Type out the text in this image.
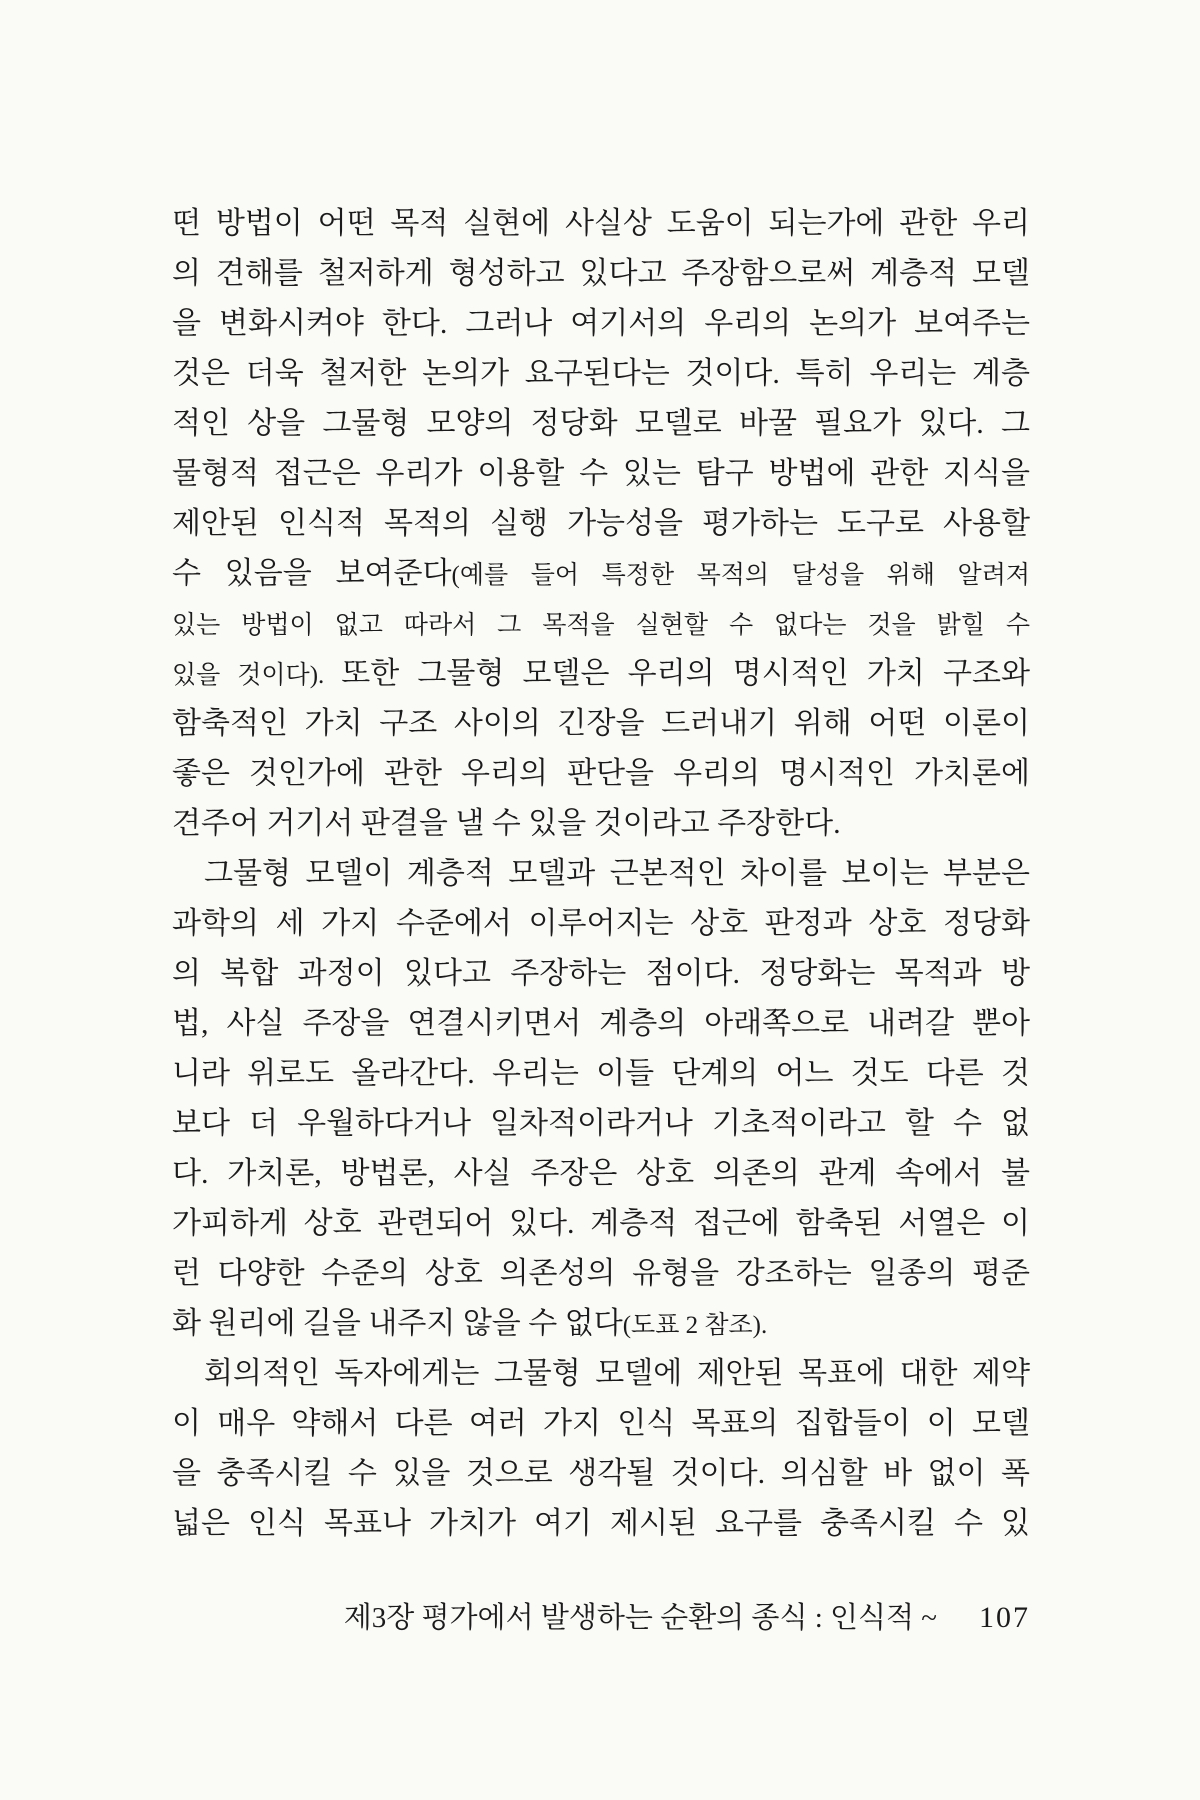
떤 방법이 어떤 목적 실현에 사실상 도움이 되는가에 관한 우리
의 견해를 철저하게 형성하고 있다고 주장함으로써 계층적 모델
을 변화시켜야 한다. 그러나 여기서의 우리의 논의가 보여주는
것은 더욱 철저한 논의가 요구된다는 것이다. 특히 우리는 계층
적인 상을 그물형 모양의 정당화 모델로 바꿀 필요가 있다. 그
물형적 접근은 우리가 이용할 수 있는 탐구 방법에 관한 지식을
제안된 인식적 목적의 실행 가능성을 평가하는 도구로 사용할
수 있음을 보여준다(예를 들어 특정한 목적의 달성을 위해 알려져
있는 방법이 없고 따라서 그 목적을 실현할 수 없다는 것을 밝힐 수
있을 것이다). 또한 그물형 모델은 우리의 명시적인 가치 구조와
함축적인 가치 구조 사이의 긴장을 드러내기 위해 어떤 이론이
좋은 것인가에 관한 우리의 판단을 우리의 명시적인 가치론에
견주어 거기서 판결을 낼 수 있을 것이라고 주장한다.
그물형 모델이 계층적 모델과 근본적인 차이를 보이는 부분은
과학의 세 가지 수준에서 이루어지는 상호 판정과 상호 정당화
의 복합 과정이 있다고 주장하는 점이다. 정당화는 목적과 방
법, 사실 주장을 연결시키면서 계층의 아래쪽으로 내려갈 뿐아
니라 위로도 올라간다. 우리는 이들 단계의 어느 것도 다른 것
보다 더 우월하다거나 일차적이라거나 기초적이라고 할 수 없
다. 가치론, 방법론, 사실 주장은 상호 의존의 관계 속에서 불
가피하게 상호 관련되어 있다. 계층적 접근에 함축된 서열은 이
런 다양한 수준의 상호 의존성의 유형을 강조하는 일종의 평준
화 원리에 길을 내주지 않을 수 없다(도표 2 참조).
회의적인 독자에게는 그물형 모델에 제안된 목표에 대한 제약
이 매우 약해서 다른 여러 가지 인식 목표의 집합들이 이 모델
을 충족시킬 수 있을 것으로 생각될 것이다. 의심할 바 없이 폭
넓은 인식 목표나 가치가 여기 제시된 요구를 충족시킬 수 있
제3장 평가에서 발생하는 순환의 종식 : 인식적 ~ 107
